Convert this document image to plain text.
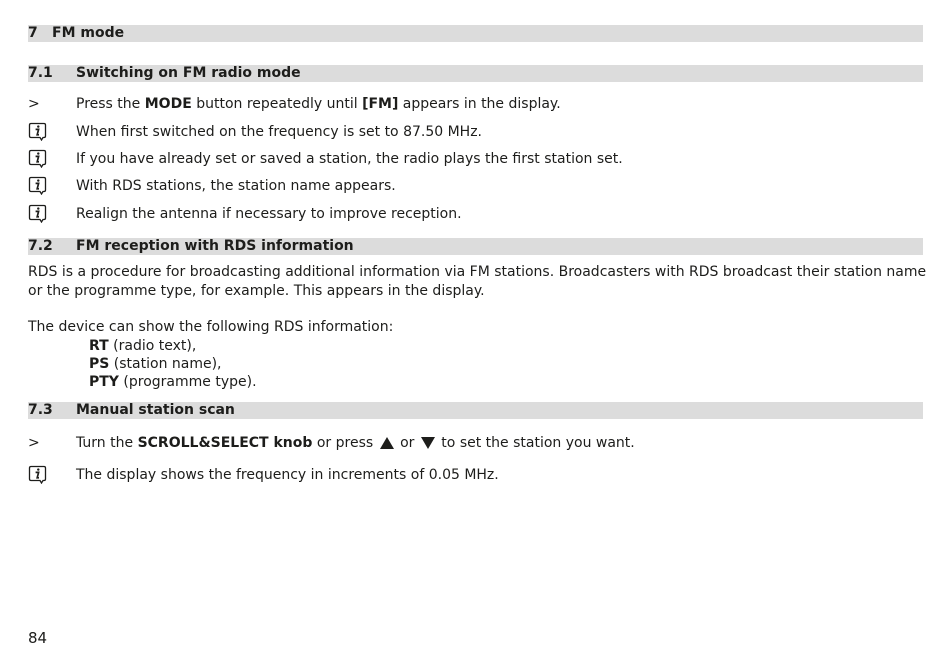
7 FM mode
7.1 Switching on FM radio mode
>	Press the MODE button repeatedly until [FM] appears in the display.
When first switched on the frequency is set to 87.50 MHz.
If you have already set or saved a station, the radio plays the first station set.
With RDS stations, the station name appears.
Realign the antenna if necessary to improve reception.
7.2 FM reception with RDS information
RDS is a procedure for broadcasting additional information via FM stations. Broadcasters with RDS broadcast their station name
or the programme type, for example. This appears in the display.
The device can show the following RDS information:
RT (radio text),
PS (station name),
PTY (programme type).
7.3 Manual station scan
>	Turn the SCROLL&SELECT knob or press  or  to set the station you want.
The display shows the frequency in increments of 0.05 MHz.
84
